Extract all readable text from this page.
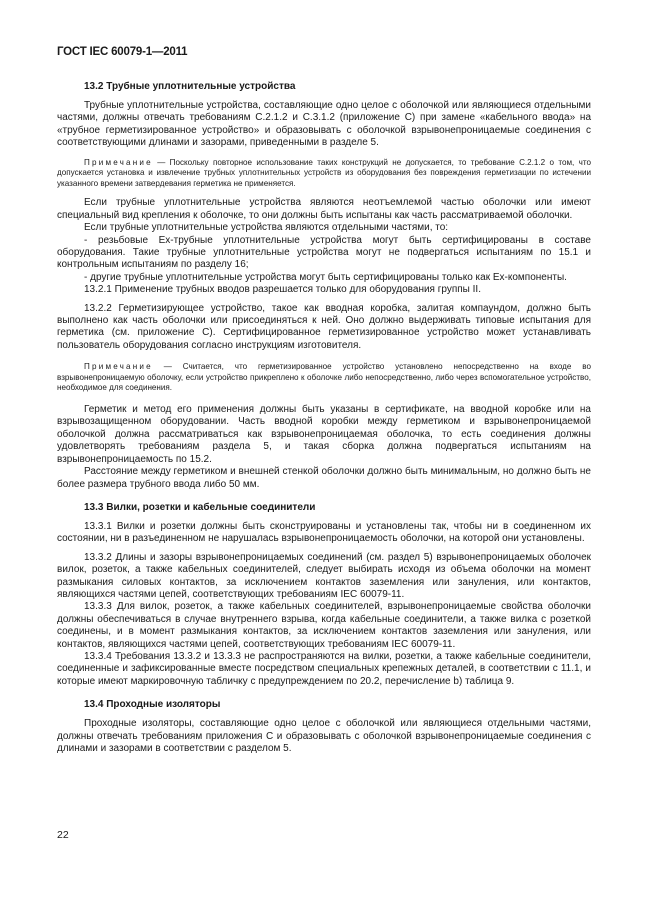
ГОСТ IEC 60079-1—2011
13.2 Трубные уплотнительные устройства

Трубные уплотнительные устройства, составляющие одно целое с оболочкой или являющиеся отдельными частями, должны отвечать требованиям С.2.1.2 и С.3.1.2 (приложение С) при замене «кабельного ввода» на «трубное герметизированное устройство» и образовывать с оболочкой взрывонепроницаемые соединения с соответствующими длинами и зазорами, приведенными в разделе 5.

Примечание — Поскольку повторное использование таких конструкций не допускается, то требование С.2.1.2 о том, что допускается установка и извлечение трубных уплотнительных устройств из оборудования без повреждения герметизации по истечении указанного времени затвердевания герметика не применяется.

Если трубные уплотнительные устройства являются неотъемлемой частью оболочки или имеют специальный вид крепления к оболочке, то они должны быть испытаны как часть рассматриваемой оболочки.

Если трубные уплотнительные устройства являются отдельными частями, то:

- резьбовые Ех-трубные уплотнительные устройства могут быть сертифицированы в составе оборудования. Такие трубные уплотнительные устройства могут не подвергаться испытаниям по 15.1 и контрольным испытаниям по разделу 16;

- другие трубные уплотнительные устройства могут быть сертифицированы только как Ех-компоненты.

13.2.1 Применение трубных вводов разрешается только для оборудования группы II.

13.2.2 Герметизирующее устройство, такое как вводная коробка, залитая компаундом, должно быть выполнено как часть оболочки или присоединяться к ней. Оно должно выдерживать типовые испытания для герметика (см. приложение С). Сертифицированное герметизированное устройство может устанавливать пользователь оборудования согласно инструкциям изготовителя.

Примечание — Считается, что герметизированное устройство установлено непосредственно на входе во взрывонепроницаемую оболочку, если устройство прикреплено к оболочке либо непосредственно, либо через вспомогательное устройство, необходимое для соединения.

Герметик и метод его применения должны быть указаны в сертификате, на вводной коробке или на взрывозащищенном оборудовании. Часть вводной коробки между герметиком и взрывонепроницаемой оболочкой должна рассматриваться как взрывонепроницаемая оболочка, то есть соединения должны удовлетворять требованиям раздела 5, и такая сборка должна подвергаться испытаниям на взрывонепроницаемость по 15.2.

Расстояние между герметиком и внешней стенкой оболочки должно быть минимальным, но должно быть не более размера трубного ввода либо 50 мм.

13.3 Вилки, розетки и кабельные соединители

13.3.1 Вилки и розетки должны быть сконструированы и установлены так, чтобы ни в соединенном их состоянии, ни в разъединенном не нарушалась взрывонепроницаемость оболочки, на которой они установлены.

13.3.2 Длины и зазоры взрывонепроницаемых соединений (см. раздел 5) взрывонепроницаемых оболочек вилок, розеток, а также кабельных соединителей, следует выбирать исходя из объема оболочки на момент размыкания силовых контактов, за исключением контактов заземления или зануления, или контактов, являющихся частями цепей, соответствующих требованиям IEC 60079-11.

13.3.3 Для вилок, розеток, а также кабельных соединителей, взрывонепроницаемые свойства оболочки должны обеспечиваться в случае внутреннего взрыва, когда кабельные соединители, а также вилка с розеткой соединены, и в момент размыкания контактов, за исключением контактов заземления или зануления, или контактов, являющихся частями цепей, соответствующих требованиям IEC 60079-11.

13.3.4 Требования 13.3.2 и 13.3.3 не распространяются на вилки, розетки, а также кабельные соединители, соединенные и зафиксированные вместе посредством специальных крепежных деталей, в соответствии с 11.1, и которые имеют маркировочную табличку с предупреждением по 20.2, перечисление b) таблица 9.

13.4 Проходные изоляторы

Проходные изоляторы, составляющие одно целое с оболочкой или являющиеся отдельными частями, должны отвечать требованиям приложения С и образовывать с оболочкой взрывонепроницаемые соединения с длинами и зазорами в соответствии с разделом 5.

22
